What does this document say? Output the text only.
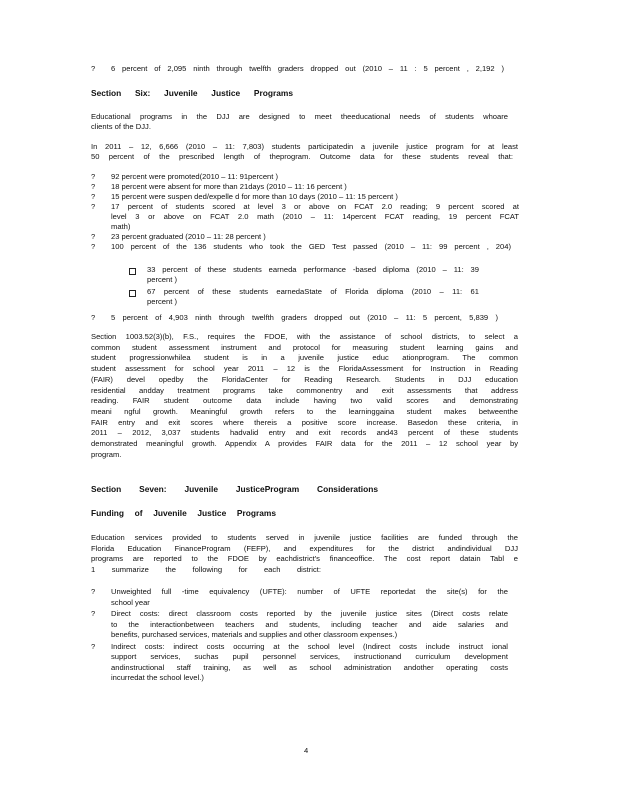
? 6 percent of 2,095 ninth through twelfth graders dropped out (2010 – 11 : 5 percent , 2,192 )
Section Six: Juvenile Justice Programs
Educational programs in the DJJ are designed to meet theeducational needs of students whoare
clients of the DJJ.
In 2011 – 12, 6,666 (2010 – 11: 7,803) students participatedin a juvenile justice program for at least
50 percent of the prescribed length of theprogram. Outcome data for these students reveal that:
? 92 percent were promoted(2010 – 11: 91percent )
? 18 percent were absent for more than 21days (2010 – 11: 16 percent )
? 15 percent were suspen ded/expelle d for more than 10 days (2010 – 11: 15 percent )
? 17 percent of students scored at level 3 or above on FCAT 2.0 reading; 9 percent scored at
level 3 or above on FCAT 2.0 math (2010 – 11: 14percent FCAT reading, 19 percent FCAT
math)
? 23 percent graduated (2010 – 11: 28 percent )
? 100 percent of the 136 students who took the GED Test passed (2010 – 11: 99 percent , 204)
33 percent of these students earneda performance -based diploma (2010 – 11: 39
percent )
67 percent of these students earnedaState of Florida diploma (2010 – 11: 61
percent )
? 5 percent of 4,903 ninth through twelfth graders dropped out (2010 – 11: 5 percent, 5,839 )
Section 1003.52(3)(b), F.S., requires the FDOE, with the assistance of school districts, to select a
common student assessment instrument and protocol for measuring student learning gains and
student progressionwhilea student is in a juvenile justice educ ationprogram. The common
student assessment for school year 2011 – 12 is the FloridaAssessment for Instruction in Reading
(FAIR) devel opedby the FloridaCenter for Reading Research. Students in DJJ education
residential andday treatment programs take commonentry and exit assessments that address
reading. FAIR student outcome data include having two valid scores and demonstrating
meani ngful growth. Meaningful growth refers to the learninggaina student makes betweenthe
FAIR entry and exit scores where thereis a positive score increase. Basedon these criteria, in
2011 – 2012, 3,037 students hadvalid entry and exit records and43 percent of these students
demonstrated meaningful growth. Appendix A provides FAIR data for the 2011 – 12 school year by
program.
Section Seven: Juvenile JusticeProgram Considerations
Funding of Juvenile Justice Programs
Education services provided to students served in juvenile justice facilities are funded through the
Florida Education FinanceProgram (FEFP), and expenditures for the district andindividual DJJ
programs are reported to the FDOE by eachdistrict's financeoffice. The cost report datain Tabl e
1 summarize the following for each district:
? Unweighted full -time equivalency (UFTE): number of UFTE reportedat the site(s) for the
school year
? Direct costs: direct classroom costs reported by the juvenile justice sites (Direct costs relate
to the interactionbetween teachers and students, including teacher and aide salaries and
benefits, purchased services, materials and supplies and other classroom expenses.)
? Indirect costs: indirect costs occurring at the school level (Indirect costs include instruct ional
support services, suchas pupil personnel services, instructionand curriculum development
andinstructional staff training, as well as school administration andother operating costs
incurredat the school level.)
4
